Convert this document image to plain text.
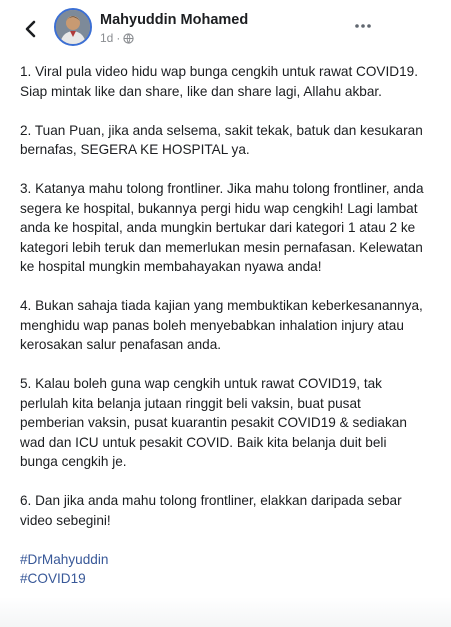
Mahyuddin Mohamed
1d ·

1. Viral pula video hidu wap bunga cengkih untuk rawat COVID19. Siap mintak like dan share, like dan share lagi, Allahu akbar.

2. Tuan Puan, jika anda selsema, sakit tekak, batuk dan kesukaran bernafas, SEGERA KE HOSPITAL ya.

3. Katanya mahu tolong frontliner. Jika mahu tolong frontliner, anda segera ke hospital, bukannya pergi hidu wap cengkih! Lagi lambat anda ke hospital, anda mungkin bertukar dari kategori 1 atau 2 ke kategori lebih teruk dan memerlukan mesin pernafasan. Kelewatan ke hospital mungkin membahayakan nyawa anda!

4. Bukan sahaja tiada kajian yang membuktikan keberkesanannya, menghidu wap panas boleh menyebabkan inhalation injury atau kerosakan salur penafasan anda.

5. Kalau boleh guna wap cengkih untuk rawat COVID19, tak perlulah kita belanja jutaan ringgit beli vaksin, buat pusat pemberian vaksin, pusat kuarantin pesakit COVID19 & sediakan wad dan ICU untuk pesakit COVID. Baik kita belanja duit beli bunga cengkih je.

6. Dan jika anda mahu tolong frontliner, elakkan daripada sebar video sebegini!

#DrMahyuddin
#COVID19
